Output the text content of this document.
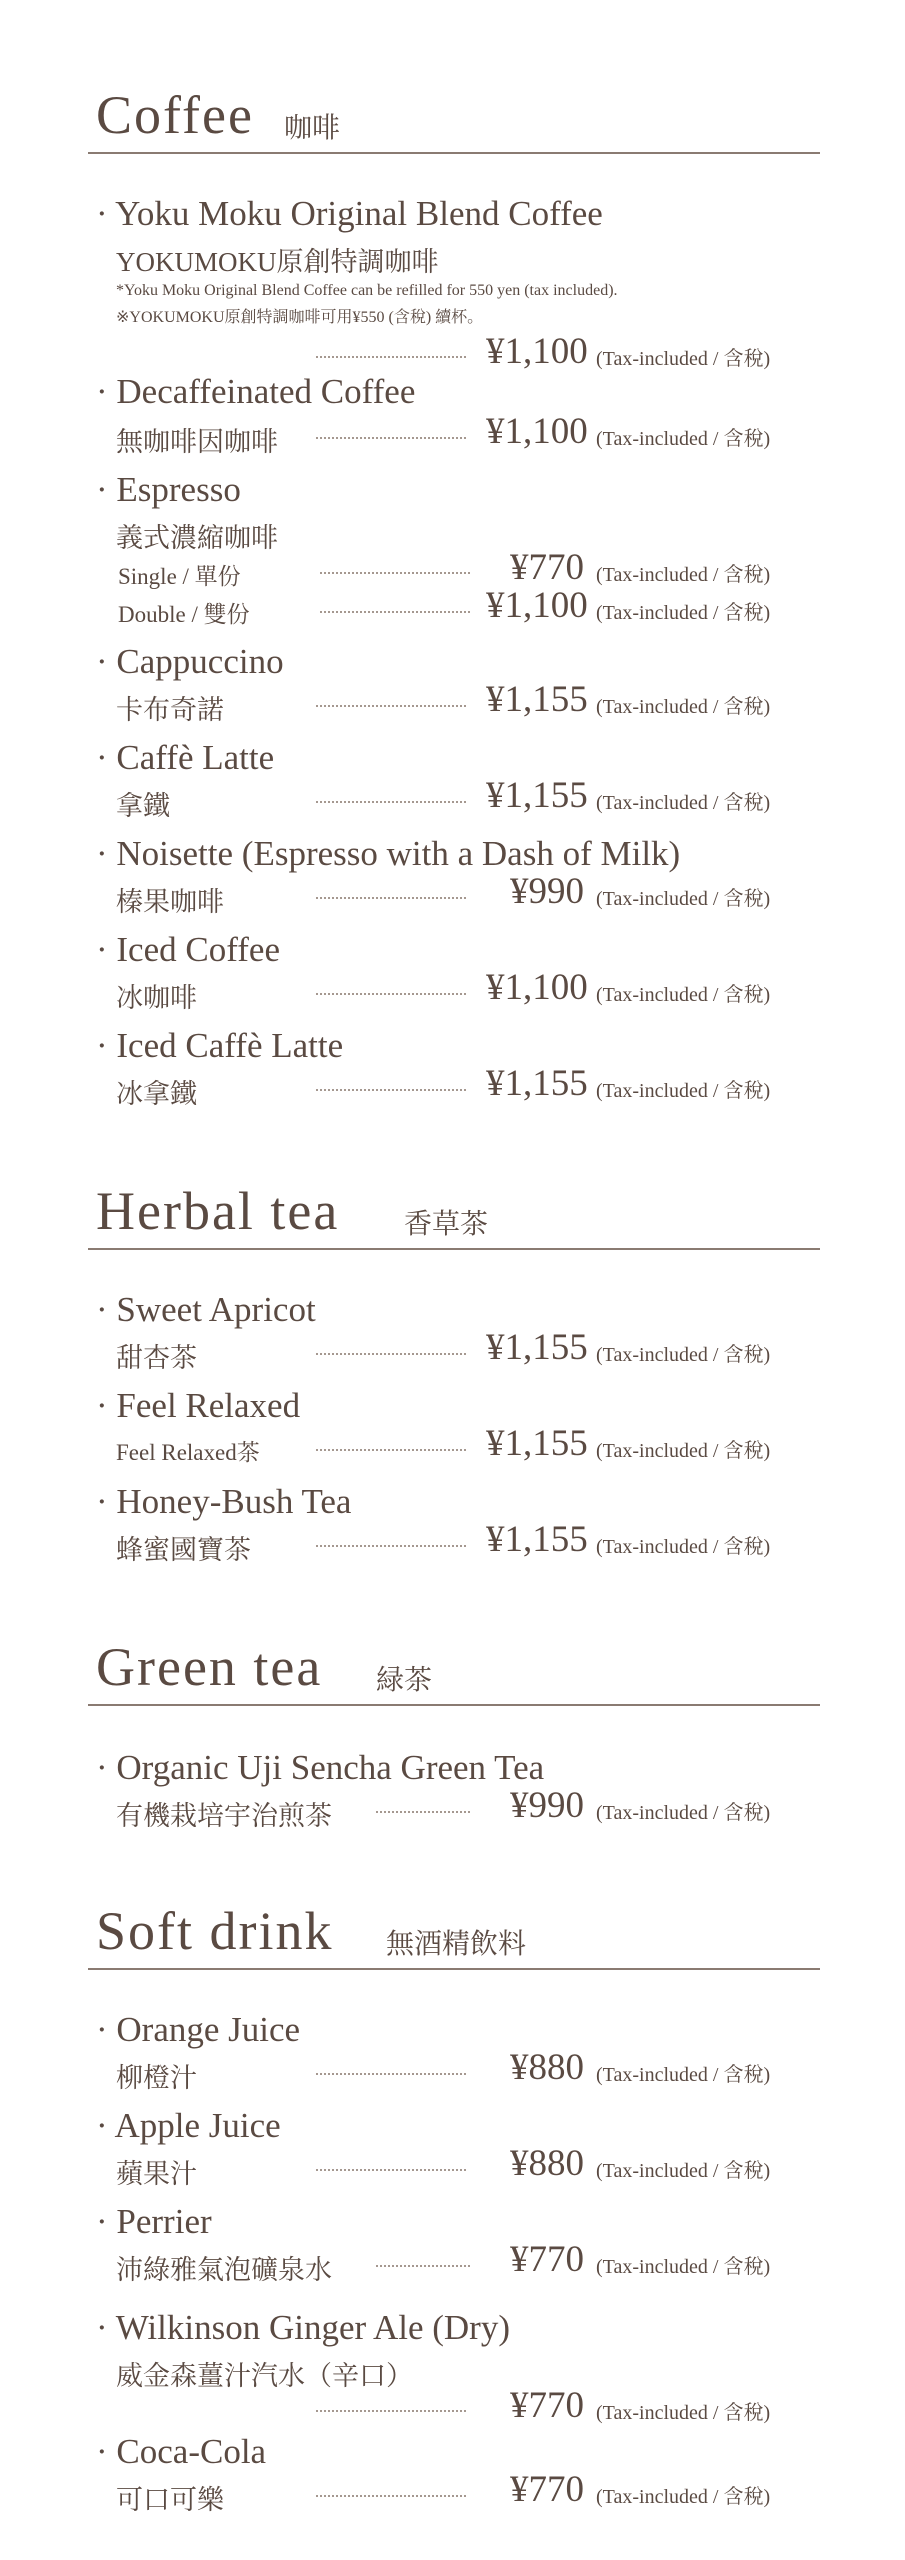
Coffee 咖啡
· Yoku Moku Original Blend Coffee
YOKUMOKU原創特調咖啡
*Yoku Moku Original Blend Coffee can be refilled for 550 yen (tax included).
※YOKUMOKU原創特調咖啡可用¥550 (含稅) 續杯。
¥1,100 (Tax-included / 含稅)
· Decaffeinated Coffee
無咖啡因咖啡	¥1,100 (Tax-included / 含稅)
· Espresso
義式濃縮咖啡
Single / 單份	¥770 (Tax-included / 含稅)
Double / 雙份	¥1,100 (Tax-included / 含稅)
· Cappuccino
卡布奇諾	¥1,155 (Tax-included / 含稅)
· Caffè Latte
拿鐵	¥1,155 (Tax-included / 含稅)
· Noisette (Espresso with a Dash of Milk)
榛果咖啡	¥990 (Tax-included / 含稅)
· Iced Coffee
冰咖啡	¥1,100 (Tax-included / 含稅)
· Iced Caffè Latte
冰拿鐵	¥1,155 (Tax-included / 含稅)
Herbal tea 香草茶
· Sweet Apricot
甜杏茶	¥1,155 (Tax-included / 含稅)
· Feel Relaxed
Feel Relaxed茶	¥1,155 (Tax-included / 含稅)
· Honey-Bush Tea
蜂蜜國寶茶	¥1,155 (Tax-included / 含稅)
Green tea 緑茶
· Organic Uji Sencha Green Tea
有機栽培宇治煎茶	¥990 (Tax-included / 含稅)
Soft drink 無酒精飲料
· Orange Juice
柳橙汁	¥880 (Tax-included / 含稅)
· Apple Juice
蘋果汁	¥880 (Tax-included / 含稅)
· Perrier
沛綠雅氣泡礦泉水	¥770 (Tax-included / 含稅)
· Wilkinson Ginger Ale (Dry)
威金森薑汁汽水（辛口）
¥770 (Tax-included / 含稅)
· Coca-Cola
可口可樂	¥770 (Tax-included / 含稅)
